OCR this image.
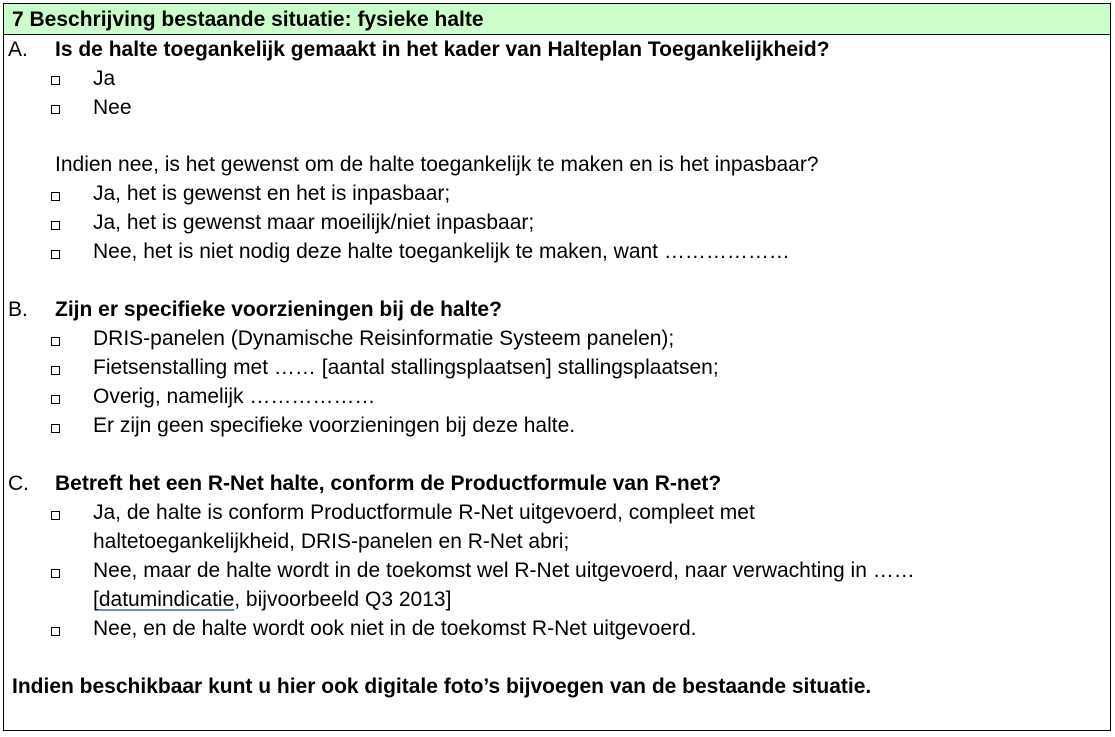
7 Beschrijving bestaande situatie: fysieke halte
A. Is de halte toegankelijk gemaakt in het kader van Halteplan Toegankelijkheid?
Ja
Nee
Indien nee, is het gewenst om de halte toegankelijk te maken en is het inpasbaar?
Ja, het is gewenst en het is inpasbaar;
Ja, het is gewenst maar moeilijk/niet inpasbaar;
Nee, het is niet nodig deze halte toegankelijk te maken, want ………………
B. Zijn er specifieke voorzieningen bij de halte?
DRIS-panelen (Dynamische Reisinformatie Systeem panelen);
Fietsenstalling met …… [aantal stallingsplaatsen] stallingsplaatsen;
Overig, namelijk ………………
Er zijn geen specifieke voorzieningen bij deze halte.
C. Betreft het een R-Net halte, conform de Productformule van R-net?
Ja, de halte is conform Productformule R-Net uitgevoerd, compleet met
haltetoegankelijkheid, DRIS-panelen en R-Net abri;
Nee, maar de halte wordt in de toekomst wel R-Net uitgevoerd, naar verwachting in ……
[datumindicatie, bijvoorbeeld Q3 2013]
Nee, en de halte wordt ook niet in de toekomst R-Net uitgevoerd.
Indien beschikbaar kunt u hier ook digitale foto’s bijvoegen van de bestaande situatie.
